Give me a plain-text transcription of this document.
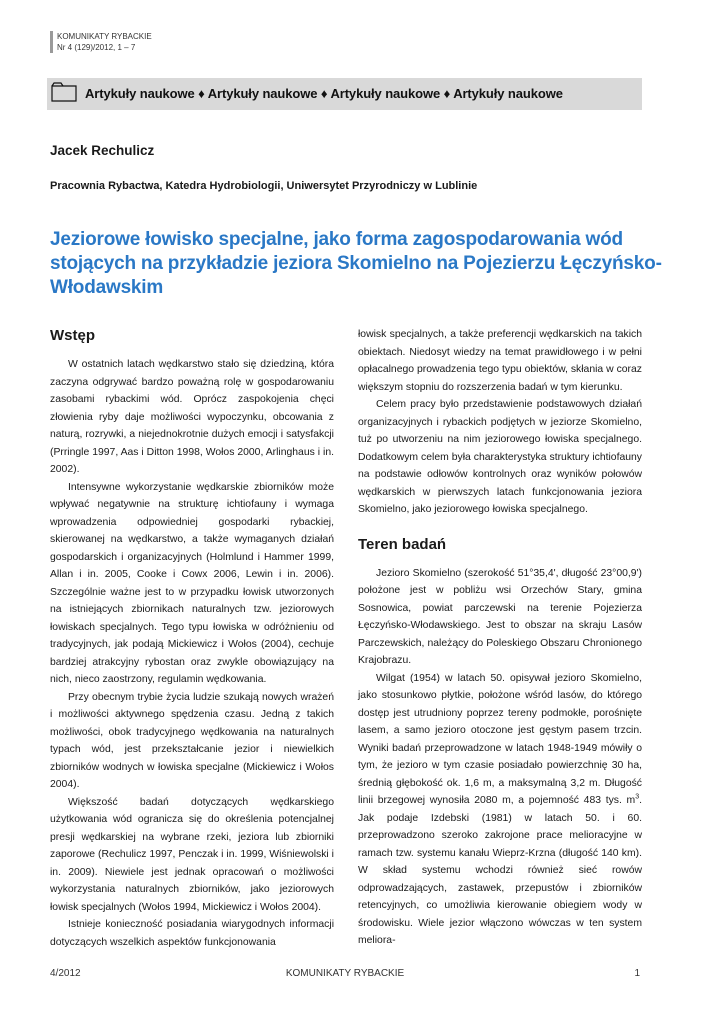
KOMUNIKATY RYBACKIE
Nr 4 (129)/2012, 1 – 7
Artykuły naukowe ♦ Artykuły naukowe ♦ Artykuły naukowe ♦ Artykuły naukowe
Jacek Rechulicz
Pracownia Rybactwa, Katedra Hydrobiologii, Uniwersytet Przyrodniczy w Lublinie
Jeziorowe łowisko specjalne, jako forma zagospodarowania wód stojących na przykładzie jeziora Skomielno na Pojezierzu Łęczyńsko-Włodawskim
Wstęp

W ostatnich latach wędkarstwo stało się dziedziną, która zaczyna odgrywać bardzo poważną rolę w gospodarowaniu zasobami rybackimi wód. Oprócz zaspokojenia chęci złowienia ryby daje możliwości wypoczynku, obcowania z naturą, rozrywki, a niejednokrotnie dużych emocji i satysfakcji (Prringle 1997, Aas i Ditton 1998, Wołos 2000, Arlinghaus i in. 2002).

Intensywne wykorzystanie wędkarskie zbiorników może wpływać negatywnie na strukturę ichtiofauny i wymaga wprowadzenia odpowiedniej gospodarki rybackiej, skierowanej na wędkarstwo, a także wymaganych działań gospodarskich i organizacyjnych (Holmlund i Hammer 1999, Allan i in. 2005, Cooke i Cowx 2006, Lewin i in. 2006). Szczególnie ważne jest to w przypadku łowisk utworzonych na istniejących zbiornikach naturalnych tzw. jeziorowych łowiskach specjalnych. Tego typu łowiska w odróżnieniu od tradycyjnych, jak podają Mickiewicz i Wołos (2004), cechuje bardziej atrakcyjny rybostan oraz zwykle obowiązujący na nich, nieco zaostrzony, regulamin wędkowania.

Przy obecnym trybie życia ludzie szukają nowych wrażeń i możliwości aktywnego spędzenia czasu. Jedną z takich możliwości, obok tradycyjnego wędkowania na naturalnych typach wód, jest przekształcanie jezior i niewielkich zbiorników wodnych w łowiska specjalne (Mickiewicz i Wołos 2004).

Większość badań dotyczących wędkarskiego użytkowania wód ogranicza się do określenia potencjalnej presji wędkarskiej na wybrane rzeki, jeziora lub zbiorniki zaporowe (Rechulicz 1997, Penczak i in. 1999, Wiśniewolski i in. 2009). Niewiele jest jednak opracowań o możliwości wykorzystania naturalnych zbiorników, jako jeziorowych łowisk specjalnych (Wołos 1994, Mickiewicz i Wołos 2004).

Istnieje konieczność posiadania wiarygodnych informacji dotyczących wszelkich aspektów funkcjonowania

łowisk specjalnych, a także preferencji wędkarskich na takich obiektach. Niedosyt wiedzy na temat prawidłowego i w pełni opłacalnego prowadzenia tego typu obiektów, skłania w coraz większym stopniu do rozszerzenia badań w tym kierunku.

Celem pracy było przedstawienie podstawowych działań organizacyjnych i rybackich podjętych w jeziorze Skomielno, tuż po utworzeniu na nim jeziorowego łowiska specjalnego. Dodatkowym celem była charakterystyka struktury ichtiofauny na podstawie odłowów kontrolnych oraz wyników połowów wędkarskich w pierwszych latach funkcjonowania jeziora Skomielno, jako jeziorowego łowiska specjalnego.

Teren badań

Jezioro Skomielno (szerokość 51°35,4', długość 23°00,9') położone jest w pobliżu wsi Orzechów Stary, gmina Sosnowica, powiat parczewski na terenie Pojezierza Łęczyńsko-Włodawskiego. Jest to obszar na skraju Lasów Parczewskich, należący do Poleskiego Obszaru Chronionego Krajobrazu.

Wilgat (1954) w latach 50. opisywał jezioro Skomielno, jako stosunkowo płytkie, położone wśród lasów, do którego dostęp jest utrudniony poprzez tereny podmokłe, porośnięte lasem, a samo jezioro otoczone jest gęstym pasem trzcin. Wyniki badań przeprowadzone w latach 1948-1949 mówiły o tym, że jezioro w tym czasie posiadało powierzchnię 30 ha, średnią głębokość ok. 1,6 m, a maksymalną 3,2 m. Długość linii brzegowej wynosiła 2080 m, a pojemność 483 tys. $m^3$. Jak podaje Izdebski (1981) w latach 50. i 60. przeprowadzono szeroko zakrojone prace melioracyjne w ramach tzw. systemu kanału Wieprz-Krzna (długość 140 km). W skład systemu wchodzi również sieć rowów odprowadzających, zastawek, przepustów i zbiorników retencyjnych, co umożliwia kierowanie obiegiem wody w środowisku. Wiele jezior włączono wówczas w ten system meliora-

4/2012	KOMUNIKATY RYBACKIE	1
